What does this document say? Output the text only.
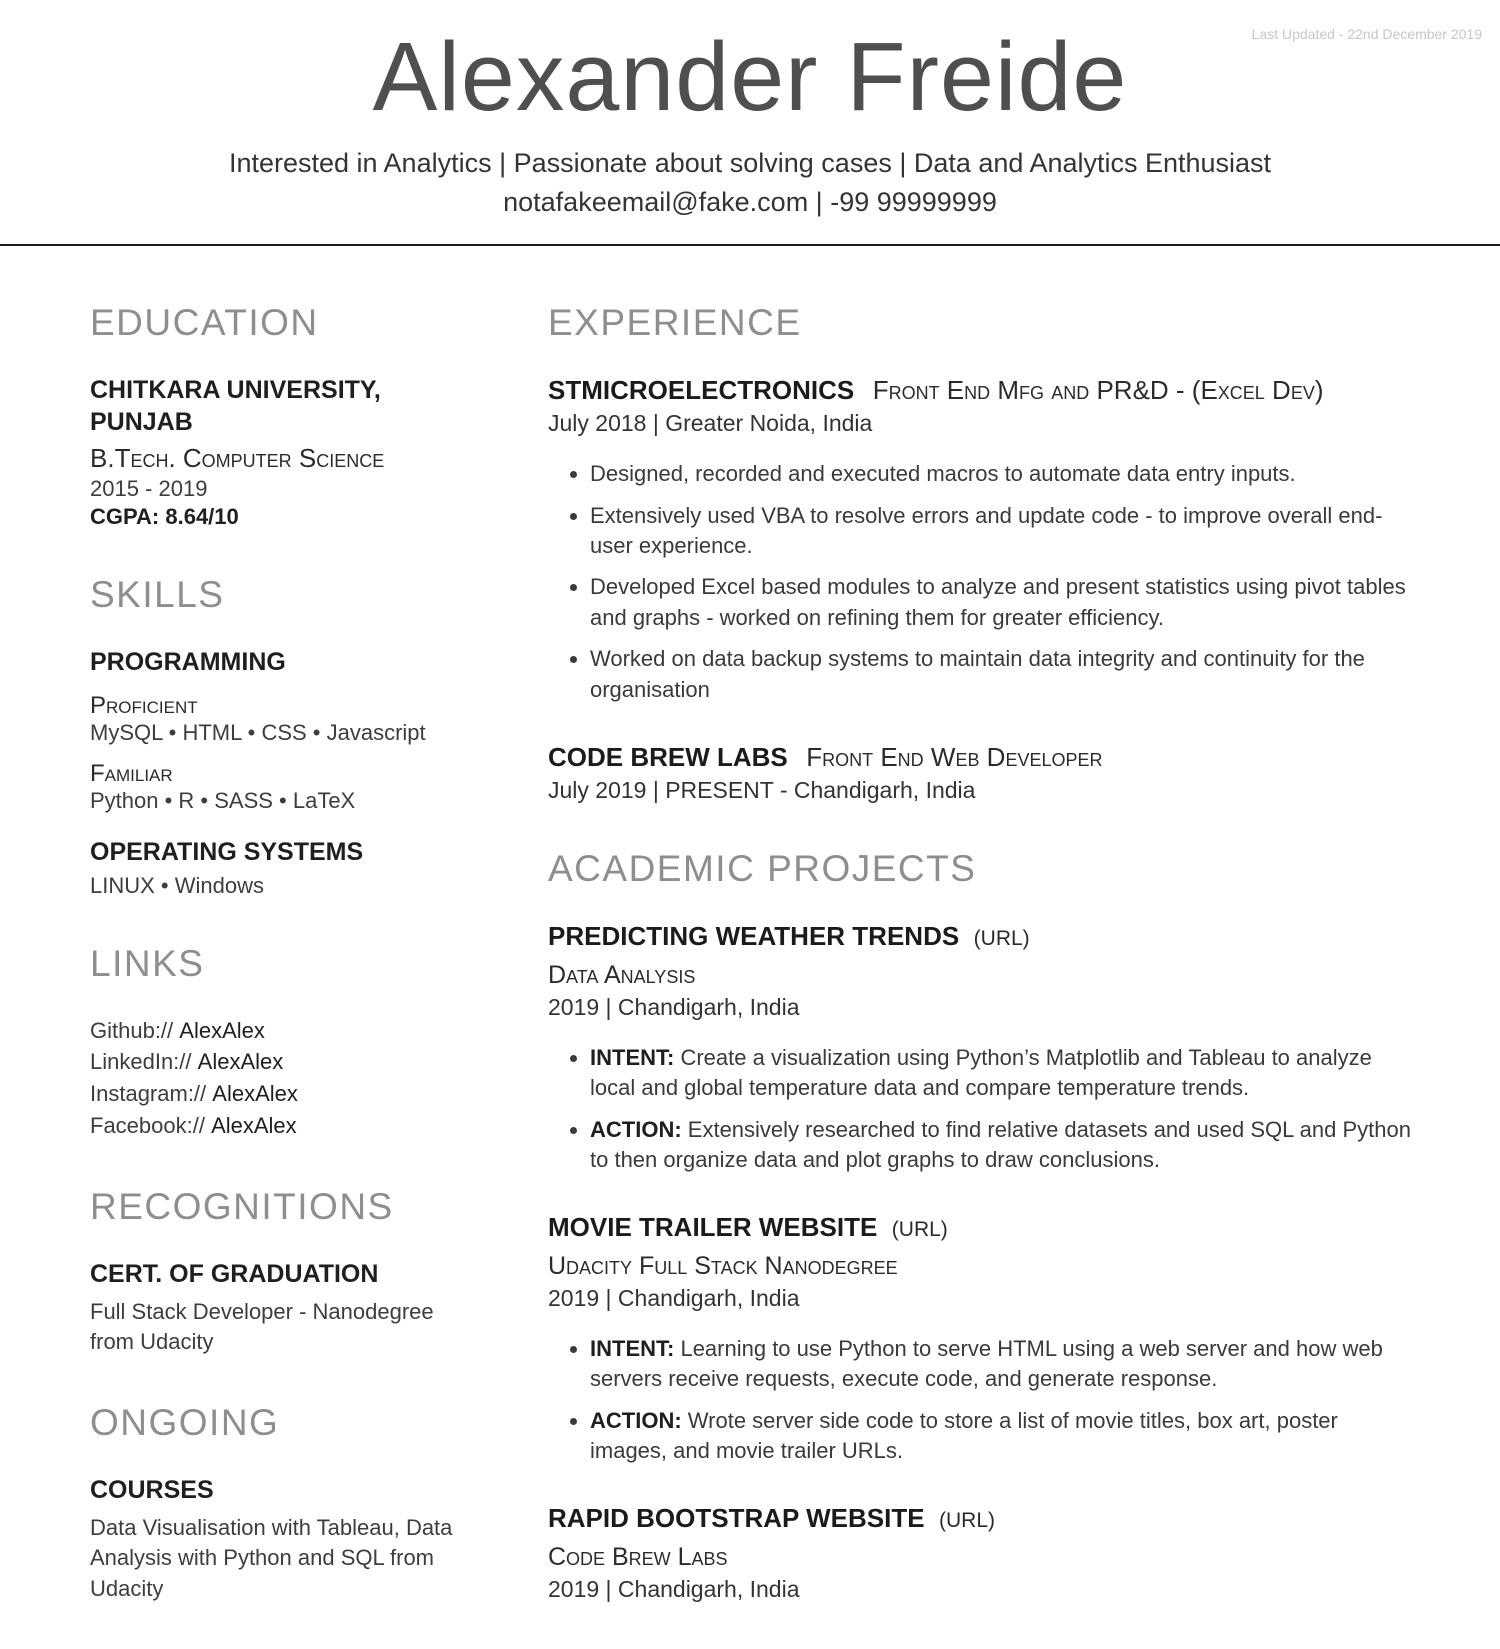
Last Updated - 22nd December 2019
Alexander Freide
Interested in Analytics | Passionate about solving cases | Data and Analytics Enthusiast
notafakeemail@fake.com | -99 99999999
EDUCATION
CHITKARA UNIVERSITY, PUNJAB
B.Tech. Computer Science
2015 - 2019
CGPA: 8.64/10
SKILLS
PROGRAMMING
Proficient
MySQL • HTML • CSS • Javascript
Familiar
Python • R • SASS • LaTeX
OPERATING SYSTEMS
LINUX • Windows
LINKS
Github:// AlexAlex
LinkedIn:// AlexAlex
Instagram:// AlexAlex
Facebook:// AlexAlex
RECOGNITIONS
CERT. OF GRADUATION
Full Stack Developer - Nanodegree from Udacity
ONGOING
COURSES
Data Visualisation with Tableau, Data Analysis with Python and SQL from Udacity
EXPERIENCE
STMICROELECTRONICS Front End Mfg and PR&D - (Excel Dev)
July 2018 | Greater Noida, India
• Designed, recorded and executed macros to automate data entry inputs.
• Extensively used VBA to resolve errors and update code - to improve overall end-user experience.
• Developed Excel based modules to analyze and present statistics using pivot tables and graphs - worked on refining them for greater efficiency.
• Worked on data backup systems to maintain data integrity and continuity for the organisation
CODE BREW LABS Front End Web Developer
July 2019 | PRESENT - Chandigarh, India
ACADEMIC PROJECTS
PREDICTING WEATHER TRENDS (URL)
Data Analysis
2019 | Chandigarh, India
• INTENT: Create a visualization using Python’s Matplotlib and Tableau to analyze local and global temperature data and compare temperature trends.
• ACTION: Extensively researched to find relative datasets and used SQL and Python to then organize data and plot graphs to draw conclusions.
MOVIE TRAILER WEBSITE (URL)
Udacity Full Stack Nanodegree
2019 | Chandigarh, India
• INTENT: Learning to use Python to serve HTML using a web server and how web servers receive requests, execute code, and generate response.
• ACTION: Wrote server side code to store a list of movie titles, box art, poster images, and movie trailer URLs.
RAPID BOOTSTRAP WEBSITE (URL)
Code Brew Labs
2019 | Chandigarh, India
